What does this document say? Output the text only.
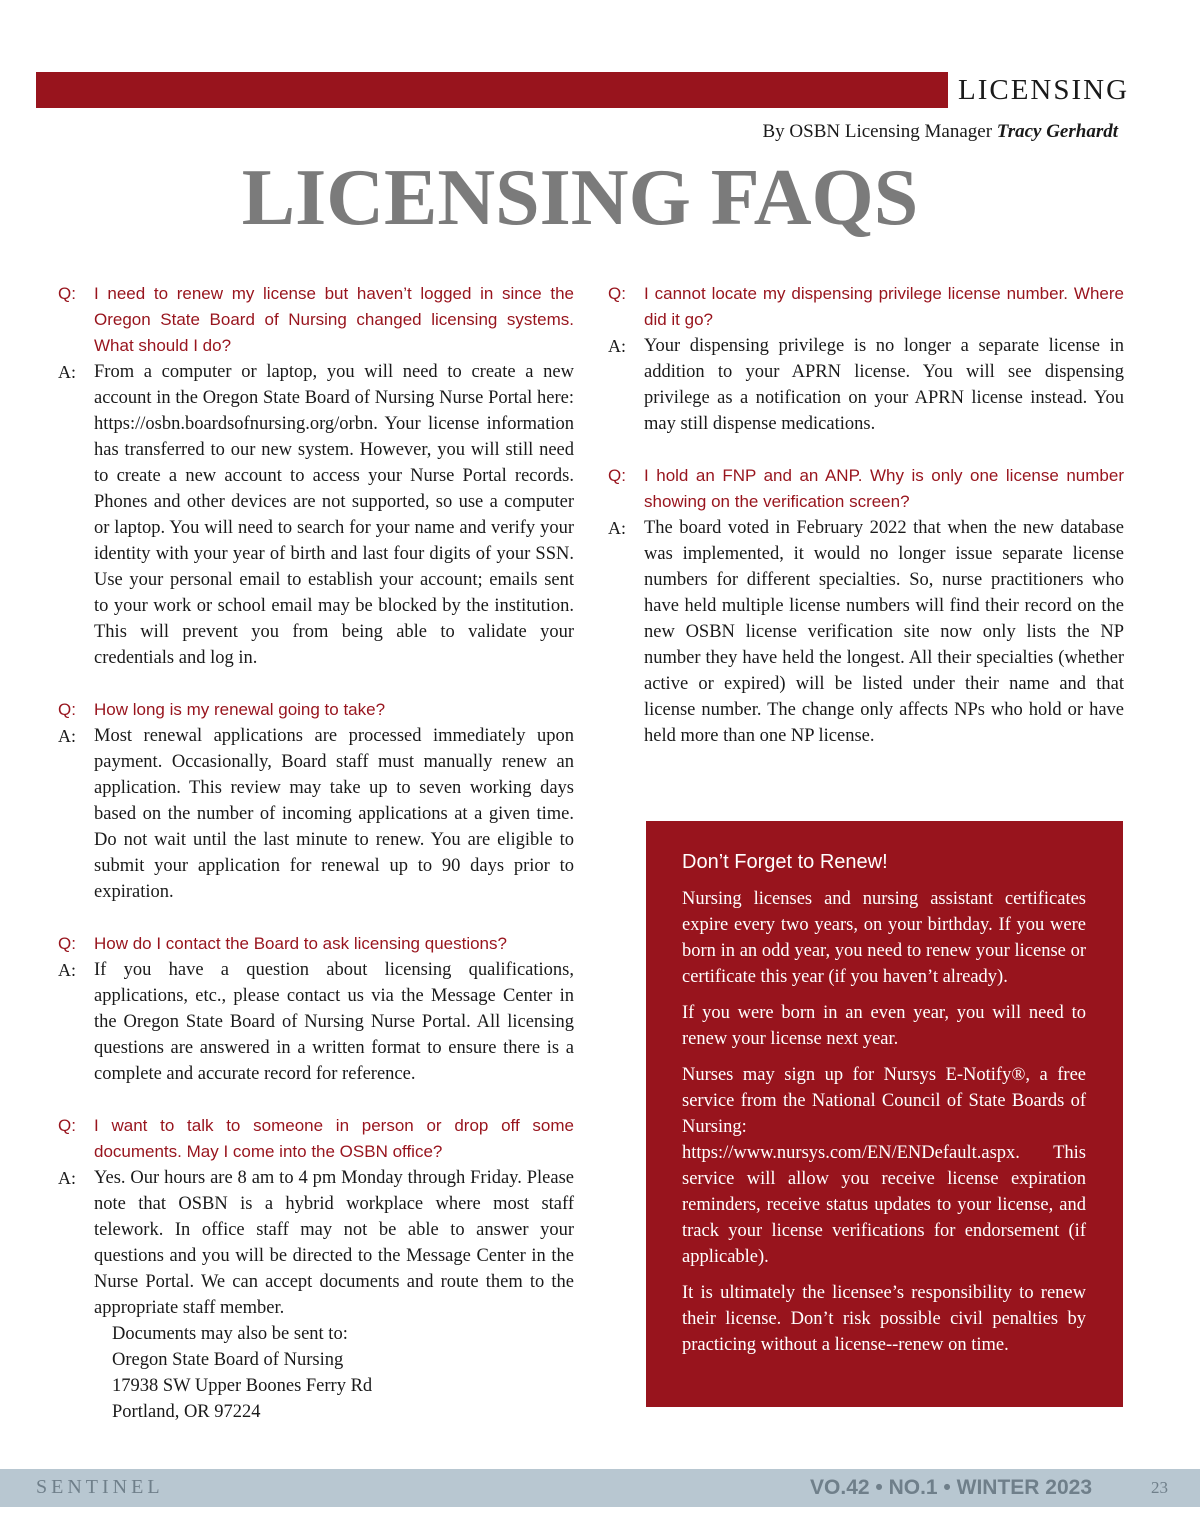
LICENSING
By OSBN Licensing Manager Tracy Gerhardt
LICENSING FAQS
Q:	I need to renew my license but haven’t logged in since the Oregon State Board of Nursing changed licensing systems. What should I do?
A: From a computer or laptop, you will need to create a new account in the Oregon State Board of Nursing Nurse Portal here: https://osbn.boardsofnursing.org/orbn. Your license information has transferred to our new system. However, you will still need to create a new account to access your Nurse Portal records. Phones and other devices are not supported, so use a computer or laptop. You will need to search for your name and verify your identity with your year of birth and last four digits of your SSN. Use your personal email to establish your account; emails sent to your work or school email may be blocked by the institution. This will prevent you from being able to validate your credentials and log in.
Q:	How long is my renewal going to take?
A: Most renewal applications are processed immediately upon payment. Occasionally, Board staff must manually renew an application. This review may take up to seven working days based on the number of incoming applications at a given time. Do not wait until the last minute to renew. You are eligible to submit your application for renewal up to 90 days prior to expiration.
Q:	How do I contact the Board to ask licensing questions?
A: If you have a question about licensing qualifications, applications, etc., please contact us via the Message Center in the Oregon State Board of Nursing Nurse Portal. All licensing questions are answered in a written format to ensure there is a complete and accurate record for reference.
Q:	I want to talk to someone in person or drop off some documents. May I come into the OSBN office?
A: Yes. Our hours are 8 am to 4 pm Monday through Friday. Please note that OSBN is a hybrid workplace where most staff telework. In office staff may not be able to answer your questions and you will be directed to the Message Center in the Nurse Portal. We can accept documents and route them to the appropriate staff member.
Documents may also be sent to:
Oregon State Board of Nursing
17938 SW Upper Boones Ferry Rd
Portland, OR 97224
Q:	I cannot locate my dispensing privilege license number. Where did it go?
A: Your dispensing privilege is no longer a separate license in addition to your APRN license. You will see dispensing privilege as a notification on your APRN license instead. You may still dispense medications.
Q:	I hold an FNP and an ANP. Why is only one license number showing on the verification screen?
A: The board voted in February 2022 that when the new database was implemented, it would no longer issue separate license numbers for different specialties. So, nurse practitioners who have held multiple license numbers will find their record on the new OSBN license verification site now only lists the NP number they have held the longest. All their specialties (whether active or expired) will be listed under their name and that license number. The change only affects NPs who hold or have held more than one NP license.
Don’t Forget to Renew!

Nursing licenses and nursing assistant certificates expire every two years, on your birthday. If you were born in an odd year, you need to renew your license or certificate this year (if you haven’t already).

If you were born in an even year, you will need to renew your license next year.

Nurses may sign up for Nursys E-Notify®, a free service from the National Council of State Boards of Nursing: https://www.nursys.com/EN/ENDefault.aspx. This service will allow you receive license expiration reminders, receive status updates to your license, and track your license verifications for endorsement (if applicable).

It is ultimately the licensee’s responsibility to renew their license. Don’t risk possible civil penalties by practicing without a license--renew on time.

SENTINEL	VO.42 • NO.1 • WINTER 2023	23
